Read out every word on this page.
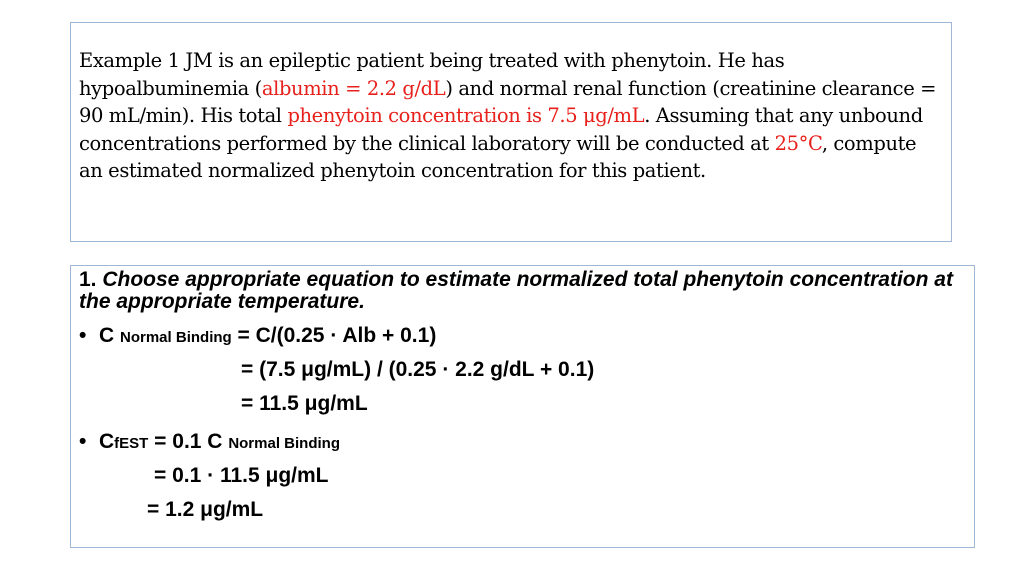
Example 1 JM is an epileptic patient being treated with phenytoin. He has hypoalbuminemia (albumin = 2.2 g/dL) and normal renal function (creatinine clearance = 90 mL/min). His total phenytoin concentration is 7.5 μg/mL. Assuming that any unbound concentrations performed by the clinical laboratory will be conducted at 25°C, compute an estimated normalized phenytoin concentration for this patient.
1. Choose appropriate equation to estimate normalized total phenytoin concentration at the appropriate temperature.
• C Normal Binding = C/(0.25 · Alb + 0.1)
= (7.5 μg/mL) / (0.25 · 2.2 g/dL + 0.1)
= 11.5 μg/mL
• CfEST = 0.1 C Normal Binding
= 0.1 · 11.5 μg/mL
= 1.2 μg/mL
